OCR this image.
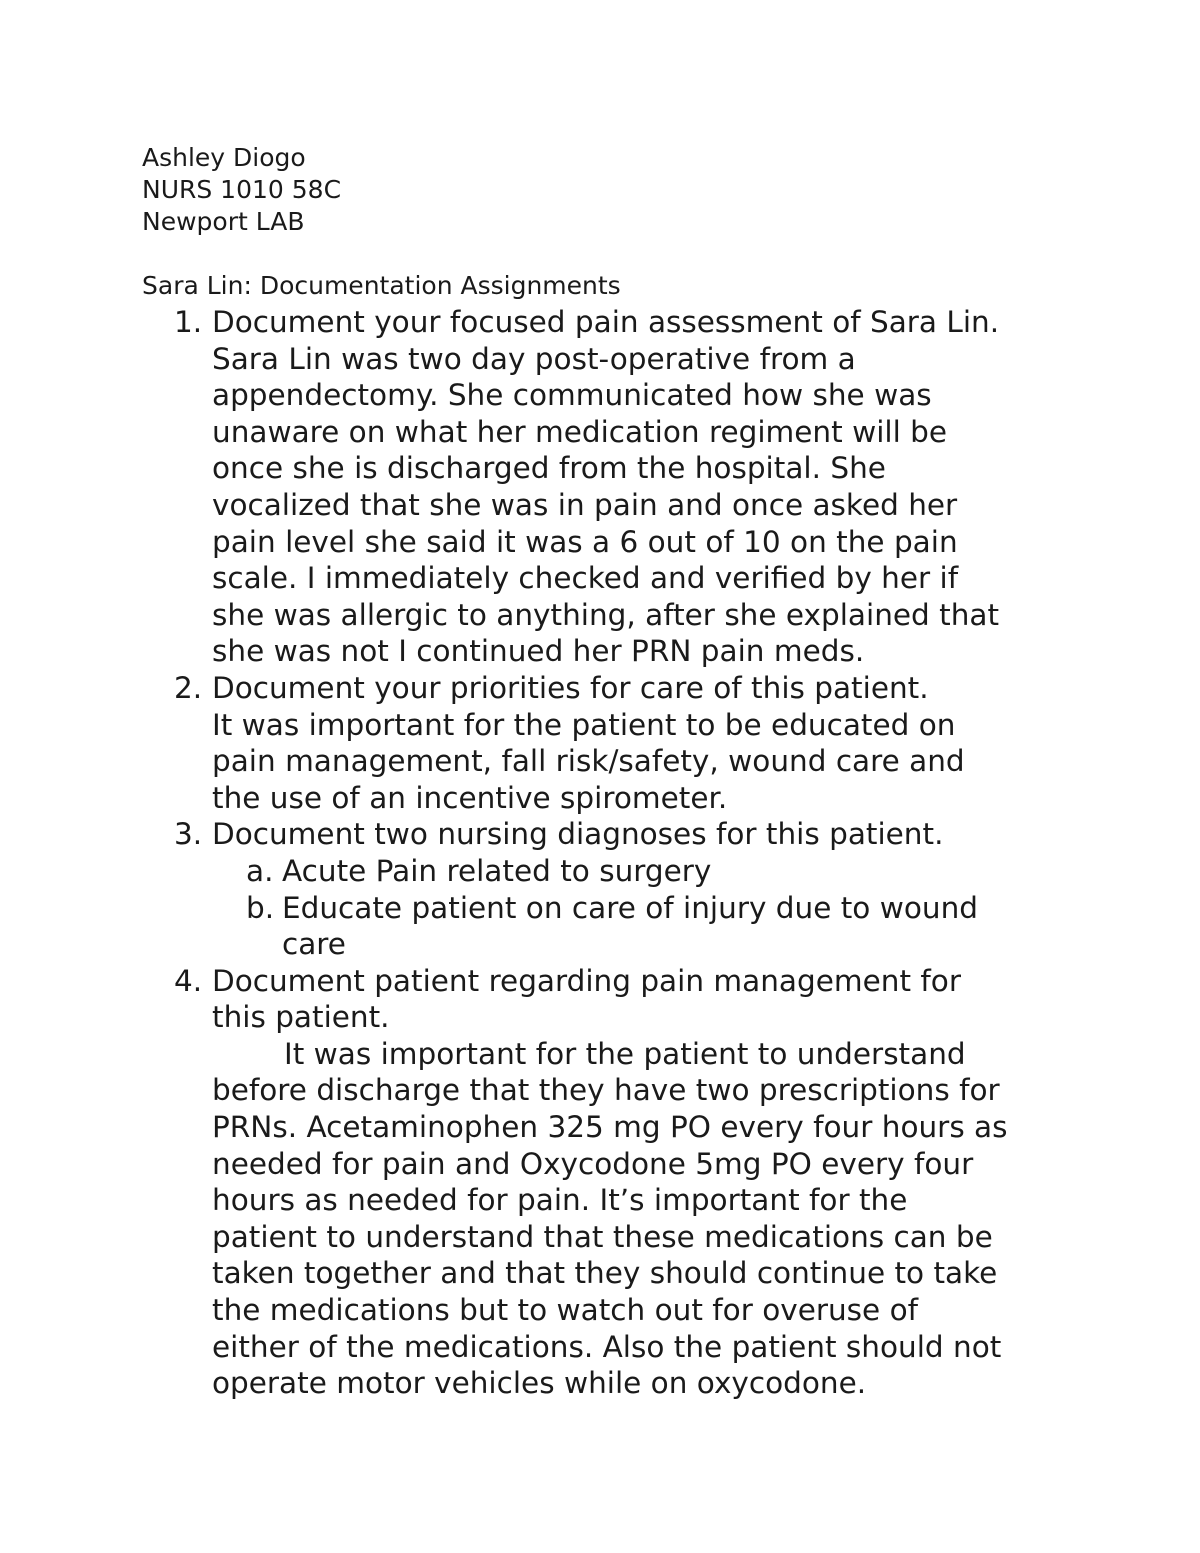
Ashley Diogo
NURS 1010 58C
Newport LAB
Sara Lin: Documentation Assignments
1. Document your focused pain assessment of Sara Lin.
Sara Lin was two day post-operative from a
appendectomy. She communicated how she was
unaware on what her medication regiment will be
once she is discharged from the hospital. She
vocalized that she was in pain and once asked her
pain level she said it was a 6 out of 10 on the pain
scale. I immediately checked and verified by her if
she was allergic to anything, after she explained that
she was not I continued her PRN pain meds.
2. Document your priorities for care of this patient.
It was important for the patient to be educated on
pain management, fall risk/safety, wound care and
the use of an incentive spirometer.
3. Document two nursing diagnoses for this patient.
a. Acute Pain related to surgery
b. Educate patient on care of injury due to wound
care
4. Document patient regarding pain management for
this patient.
It was important for the patient to understand
before discharge that they have two prescriptions for
PRNs. Acetaminophen 325 mg PO every four hours as
needed for pain and Oxycodone 5mg PO every four
hours as needed for pain. It’s important for the
patient to understand that these medications can be
taken together and that they should continue to take
the medications but to watch out for overuse of
either of the medications. Also the patient should not
operate motor vehicles while on oxycodone.
